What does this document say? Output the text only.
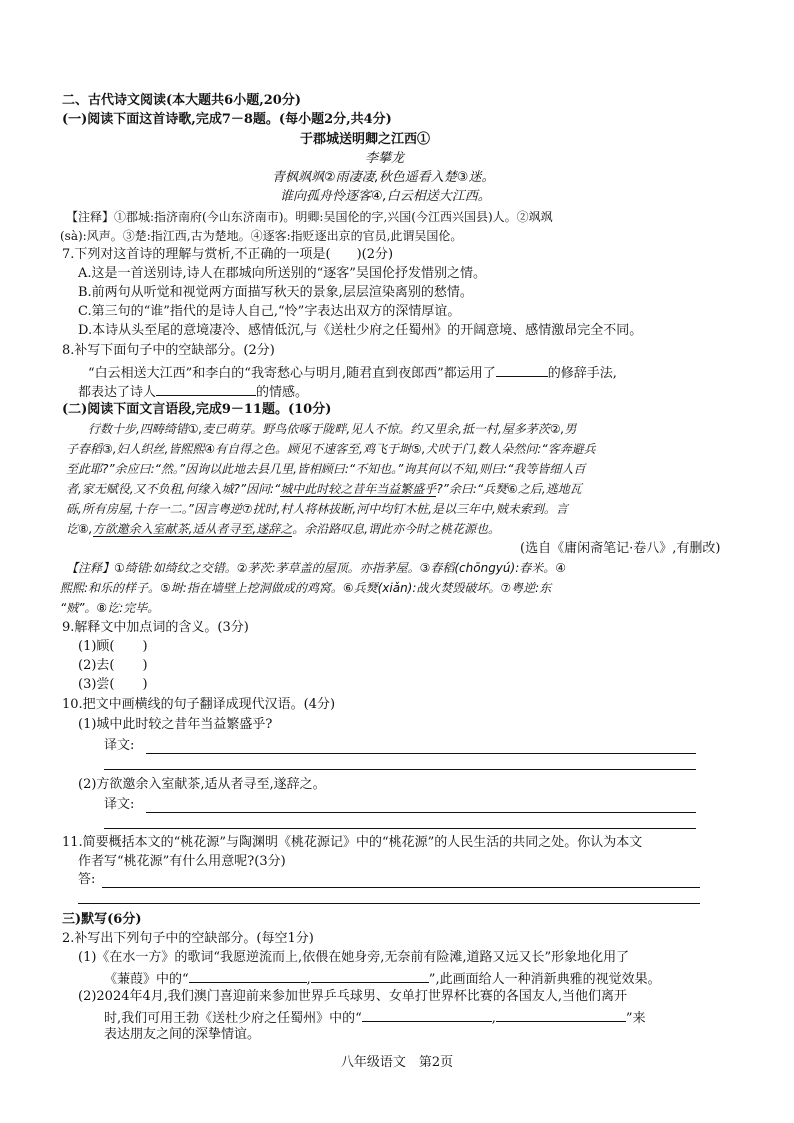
二、古代诗文阅读(本大题共6小题,20分)
(一)阅读下面这首诗歌,完成7－8题。(每小题2分,共4分)
于郡城送明卿之江西①
李攀龙
青枫飒飒②雨凄凄,秋色遥看入楚③迷。
谁向孤舟怜逐客④,白云相送大江西。
【注释】①郡城:指济南府(今山东济南市)。明卿:吴国伦的字,兴国(今江西兴国县)人。②飒飒
(sà):风声。③楚:指江西,古为楚地。④逐客:指贬逐出京的官员,此谓吴国伦。
7.下列对这首诗的理解与赏析,不正确的一项是(　　)(2分)
A.这是一首送别诗,诗人在郡城向所送别的“逐客”吴国伦抒发惜别之情。
B.前两句从听觉和视觉两方面描写秋天的景象,层层渲染离别的愁情。
C.第三句的“谁”指代的是诗人自己,“怜”字表达出双方的深情厚谊。
D.本诗从头至尾的意境凄冷、感情低沉,与《送杜少府之任蜀州》的开阔意境、感情激昂完全不同。
8.补写下面句子中的空缺部分。(2分)
“白云相送大江西”和李白的“我寄愁心与明月,随君直到夜郎西”都运用了	的修辞手法,
都表达了诗人	的情感。
(二)阅读下面文言语段,完成9－11题。(10分)
行数十步,四畴绮错①,麦已萌芽。野鸟依啄于陇畔,见人不惊。约又里余,抵一村,屋多茅茨②,男
子春稻③,妇人织丝,皆熙熙④有自得之色。顾见不速客至,鸡飞于埘⑤,犬吠于门,数人朵然问:“客奔避兵
至此耶?”余应曰:“然。”因询以此地去县几里,皆相顾曰:“不知也。”询其何以不知,则曰:“我等皆细人百
者,家无赋役,又不负租,何缘入城?”因问:“城中此时较之昔年当益繁盛乎?”余曰:“兵燹⑥之后,逃地瓦
砾,所有房屋,十存一二。”因言粤逆⑦扰时,村人将林拔断,河中均钉木桩,是以三年中,贼未索到。言
讫⑧,方欲邀余入室献茶,适从者寻至,遂辞之。余沿路叹息,谓此亦今时之桃花源也。
(选自《庸闲斋笔记·卷八》,有删改)
【注释】①绮错:如绮纹之交错。②茅茨:茅草盖的屋顶。亦指茅屋。③春稻(chōngyú):春米。④
熙熙:和乐的样子。⑤埘:指在墙壁上挖洞做成的鸡窝。⑥兵燹(xiǎn):战火焚毁破坏。⑦粤逆:东
“贼”。⑧讫:完毕。
9.解释文中加点词的含义。(3分)
(1)顾( )
(2)去( )
(3)尝( )
10.把文中画横线的句子翻译成现代汉语。(4分)
(1)城中此时较之昔年当益繁盛乎?
译文:
(2)方欲邀余入室献茶,适从者寻至,遂辞之。
译文:
11.简要概括本文的“桃花源”与陶渊明《桃花源记》中的“桃花源”的人民生活的共同之处。你认为本文
作者写“桃花源”有什么用意呢?(3分)
答:
三)默写(6分)
2.补写出下列句子中的空缺部分。(每空1分)
(1)《在水一方》的歌词“我愿逆流而上,依偎在她身旁,无奈前有险滩,道路又远又长”形象地化用了
《蒹葭》中的“	,	”,此画面给人一种消新典雅的视觉效果。
(2)2024年4月,我们澳门喜迎前来参加世界乒乓球男、女单打世界杯比赛的各国友人,当他们离开
时,我们可用王勃《送杜少府之任蜀州》中的“	,	”来
表达朋友之间的深挚情谊。
八年级语文　第2页
